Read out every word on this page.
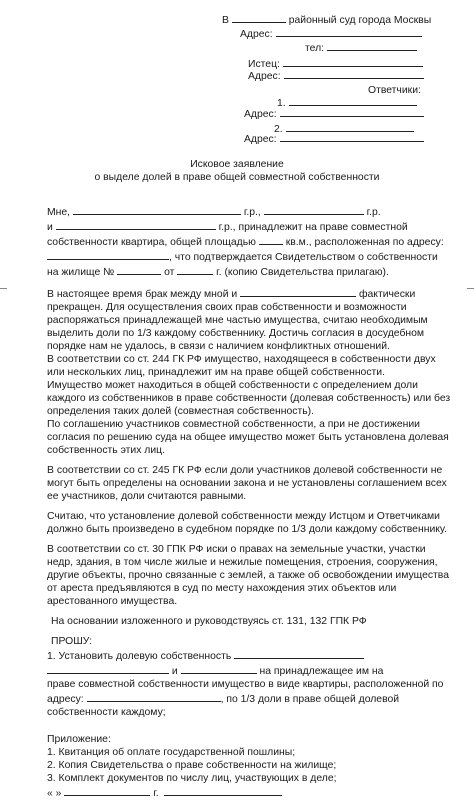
В	районный суд города Москвы
Адрес:
тел:
Истец:
Адрес:
Ответчики:
1.
Адрес:
2.
Адрес:
Исковое заявление
о выделе долей в праве общей совместной собственности

Мне,	г.р.,	г.р.

и	г.р., принадлежит на праве совместной

собственности квартира, общей площадью	кв.м., расположенная по адресу:

, что подтверждается Свидетельством о собственности

на жилище №	от	г. (копию Свидетельства прилагаю).

В настоящее время брак между мной и	фактически

прекращен. Для осуществления своих прав собственности и возможности

распоряжаться принадлежащей мне частью имущества, считаю необходимым

выделить доли по 1/3 каждому собственнику. Достичь согласия в досудебном

порядке нам не удалось, в связи с наличием конфликтных отношений.

В соответствии со ст. 244 ГК РФ имущество, находящееся в собственности двух

или нескольких лиц, принадлежит им на праве общей собственности.

Имущество может находиться в общей собственности с определением доли

каждого из собственников в праве собственности (долевая собственность) или без

определения таких долей (совместная собственность).

По соглашению участников совместной собственности, а при не достижении

согласия по решению суда на общее имущество может быть установлена долевая

собственность этих лиц.

В соответствии со ст. 245 ГК РФ если доли участников долевой собственности не

могут быть определены на основании закона и не установлены соглашением всех

ее участников, доли считаются равными.

Считаю, что установление долевой собственности между Истцом и Ответчиками

должно быть произведено в судебном порядке по 1/3 доли каждому собственнику.

В соответствии со ст. 30 ГПК РФ иски о правах на земельные участки, участки

недр, здания, в том числе жилые и нежилые помещения, строения, сооружения,

другие объекты, прочно связанные с землей, а также об освобождении имущества

от ареста предъявляются в суд по месту нахождения этих объектов или

арестованного имущества.

На основании изложенного и руководствуясь ст. 131, 132 ГПК РФ

ПРОШУ:

1. Установить долевую собственность

и	на принадлежащее им на

праве совместной собственности имущество в виде квартиры, расположенной по

адресу:	, по 1/3 доли в праве общей долевой

собственности каждому;

Приложение:

1. Квитанция об оплате государственной пошлины;

2. Копия Свидетельства о праве собственности на жилище;

3. Комплект документов по числу лиц, участвующих в деле;

« »	г.
